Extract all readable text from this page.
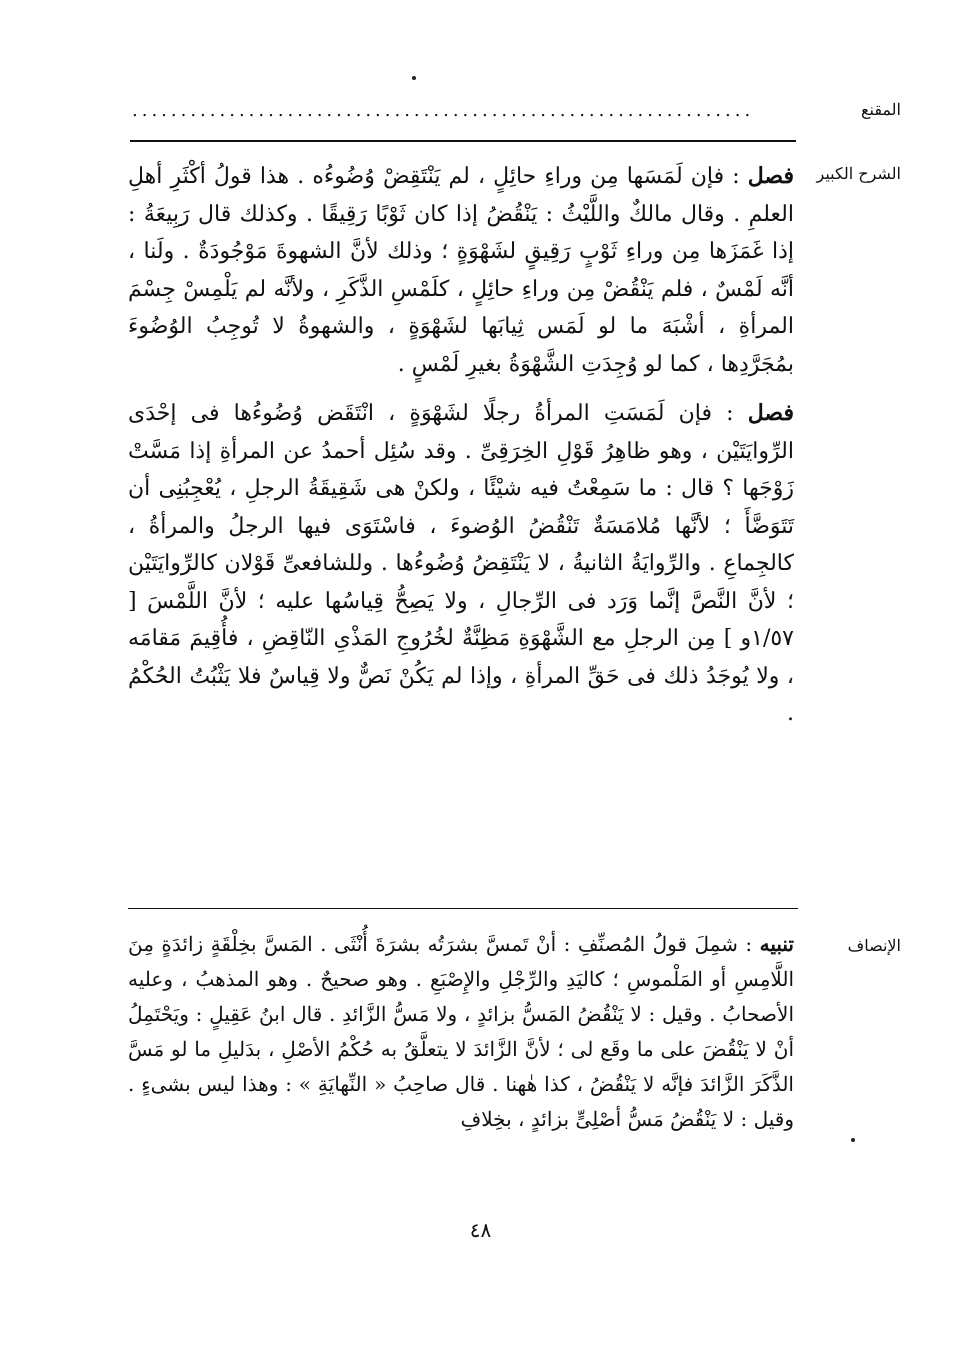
المقنع
................................................................
الشرح الكبير

فصل : فإن لَمَسَها مِن وراءِ حائِلٍ ، لم يَنْتَقِضْ وُضُوءُه . هذا قولُ أكْثَرِ أهلِ العلمِ . وقال مالكٌ واللَّيْثُ : يَنْقُضُ إذا كان ثَوْبًا رَقِيقًا . وكذلك قال رَبِيعَةُ : إذا غَمَزَها مِن وراءِ ثَوْبٍ رَقِيقٍ لشَهْوَةٍ ؛ وذلك لأنَّ الشهوةَ مَوْجُودَةٌ . ولَنا ، أنَّه لَمْسٌ ، فلم يَنْقُضْ مِن وراءِ حائِلٍ ، كلَمْسِ الذَّكَرِ ، ولأنَّه لم يَلْمِسْ جِسْمَ المرأةِ ، أشْبَهَ ما لو لَمَس ثِيابَها لشَهْوَةٍ ، والشهوةُ لا تُوجِبُ الوُضُوءَ بمُجَرَّدِها ، كما لو وُجِدَتِ الشَّهْوَةُ بغيرِ لَمْسٍ .

فصل : فإن لَمَسَتِ المرأةُ رجلًا لشَهْوَةٍ ، انْتَقَض وُضُوءُها فى إحْدَى الرِّوايَتَيْن ، وهو ظاهِرُ قَوْلِ الخِرَقِىِّ . وقد سُئِل أحمدُ عن المرأةِ إذا مَسَّتْ زَوْجَها ؟ قال : ما سَمِعْتُ فيه شيْئًا ، ولكنْ هى شَقِيقَةُ الرجلِ ، يُعْجِبُنِى أن تَتَوَضَّأَ ؛ لأنَّها مُلامَسَةٌ تَنْقُضُ الوُضوءَ ، فاسْتَوَى فيها الرجلُ والمرأةُ ، كالجِماعِ . والرِّوايَةُ الثانيةُ ، لا يَنْتَقِضُ وُضُوءُها . وللشافعىِّ قَوْلان كالرِّوايَتَيْن ؛ لأنَّ النَّصَّ إنَّما وَرَد فى الرِّجالِ ، ولا يَصِحُّ قِياسُها عليه ؛ لأنَّ اللَّمْسَ [ ١/٥٧و ] مِن الرجلِ مع الشَّهْوَةِ مَظِنَّةٌ لخُرُوجِ المَذْىِ النّاقِضِ ، فأُقِيمَ مَقامَه ، ولا يُوجَدُ ذلك فى حَقِّ المرأةِ ، وإذا لم يَكُنْ نَصٌّ ولا قِياسٌ فلا يَثْبُتُ الحُكْمُ .

الإنصاف

تنبيه : شمِلَ قولُ المُصنِّفِ : أنْ تَمسَّ بشرَتُه بشرَةَ أُنْثَى . المَسَّ بخِلْقَةٍ زائدَةٍ مِنَ اللَّامِسِ أو المَلْموسِ ؛ كاليَدِ والرِّجْلِ والإِصْبَعِ . وهو صحيحٌ . وهو المذهبُ ، وعليه الأصحابُ . وقيل : لا يَنْقُضُ المَسُّ بزائدٍ ، ولا مَسُّ الزَّائدِ . قال ابنُ عَقِيلٍ : ويَحْتَمِلُ أنْ لا يَنْقُضَ على ما وقَع لى ؛ لأنَّ الزَّائدَ لا يتعلَّقُ به حُكْمُ الأصْلِ ، بدَليلِ ما لو مَسَّ الذَّكَرَ الزَّائدَ فإنَّه لا يَنْقُضُ ، كذا هٰهنا . قال صاحِبُ « النِّهايَةِ » : وهذا ليس بشىءٍ . وقيل : لا يَنْقُضُ مَسُّ أصْلِىٍّ بزائدٍ ، بخِلافِ

٤٨
